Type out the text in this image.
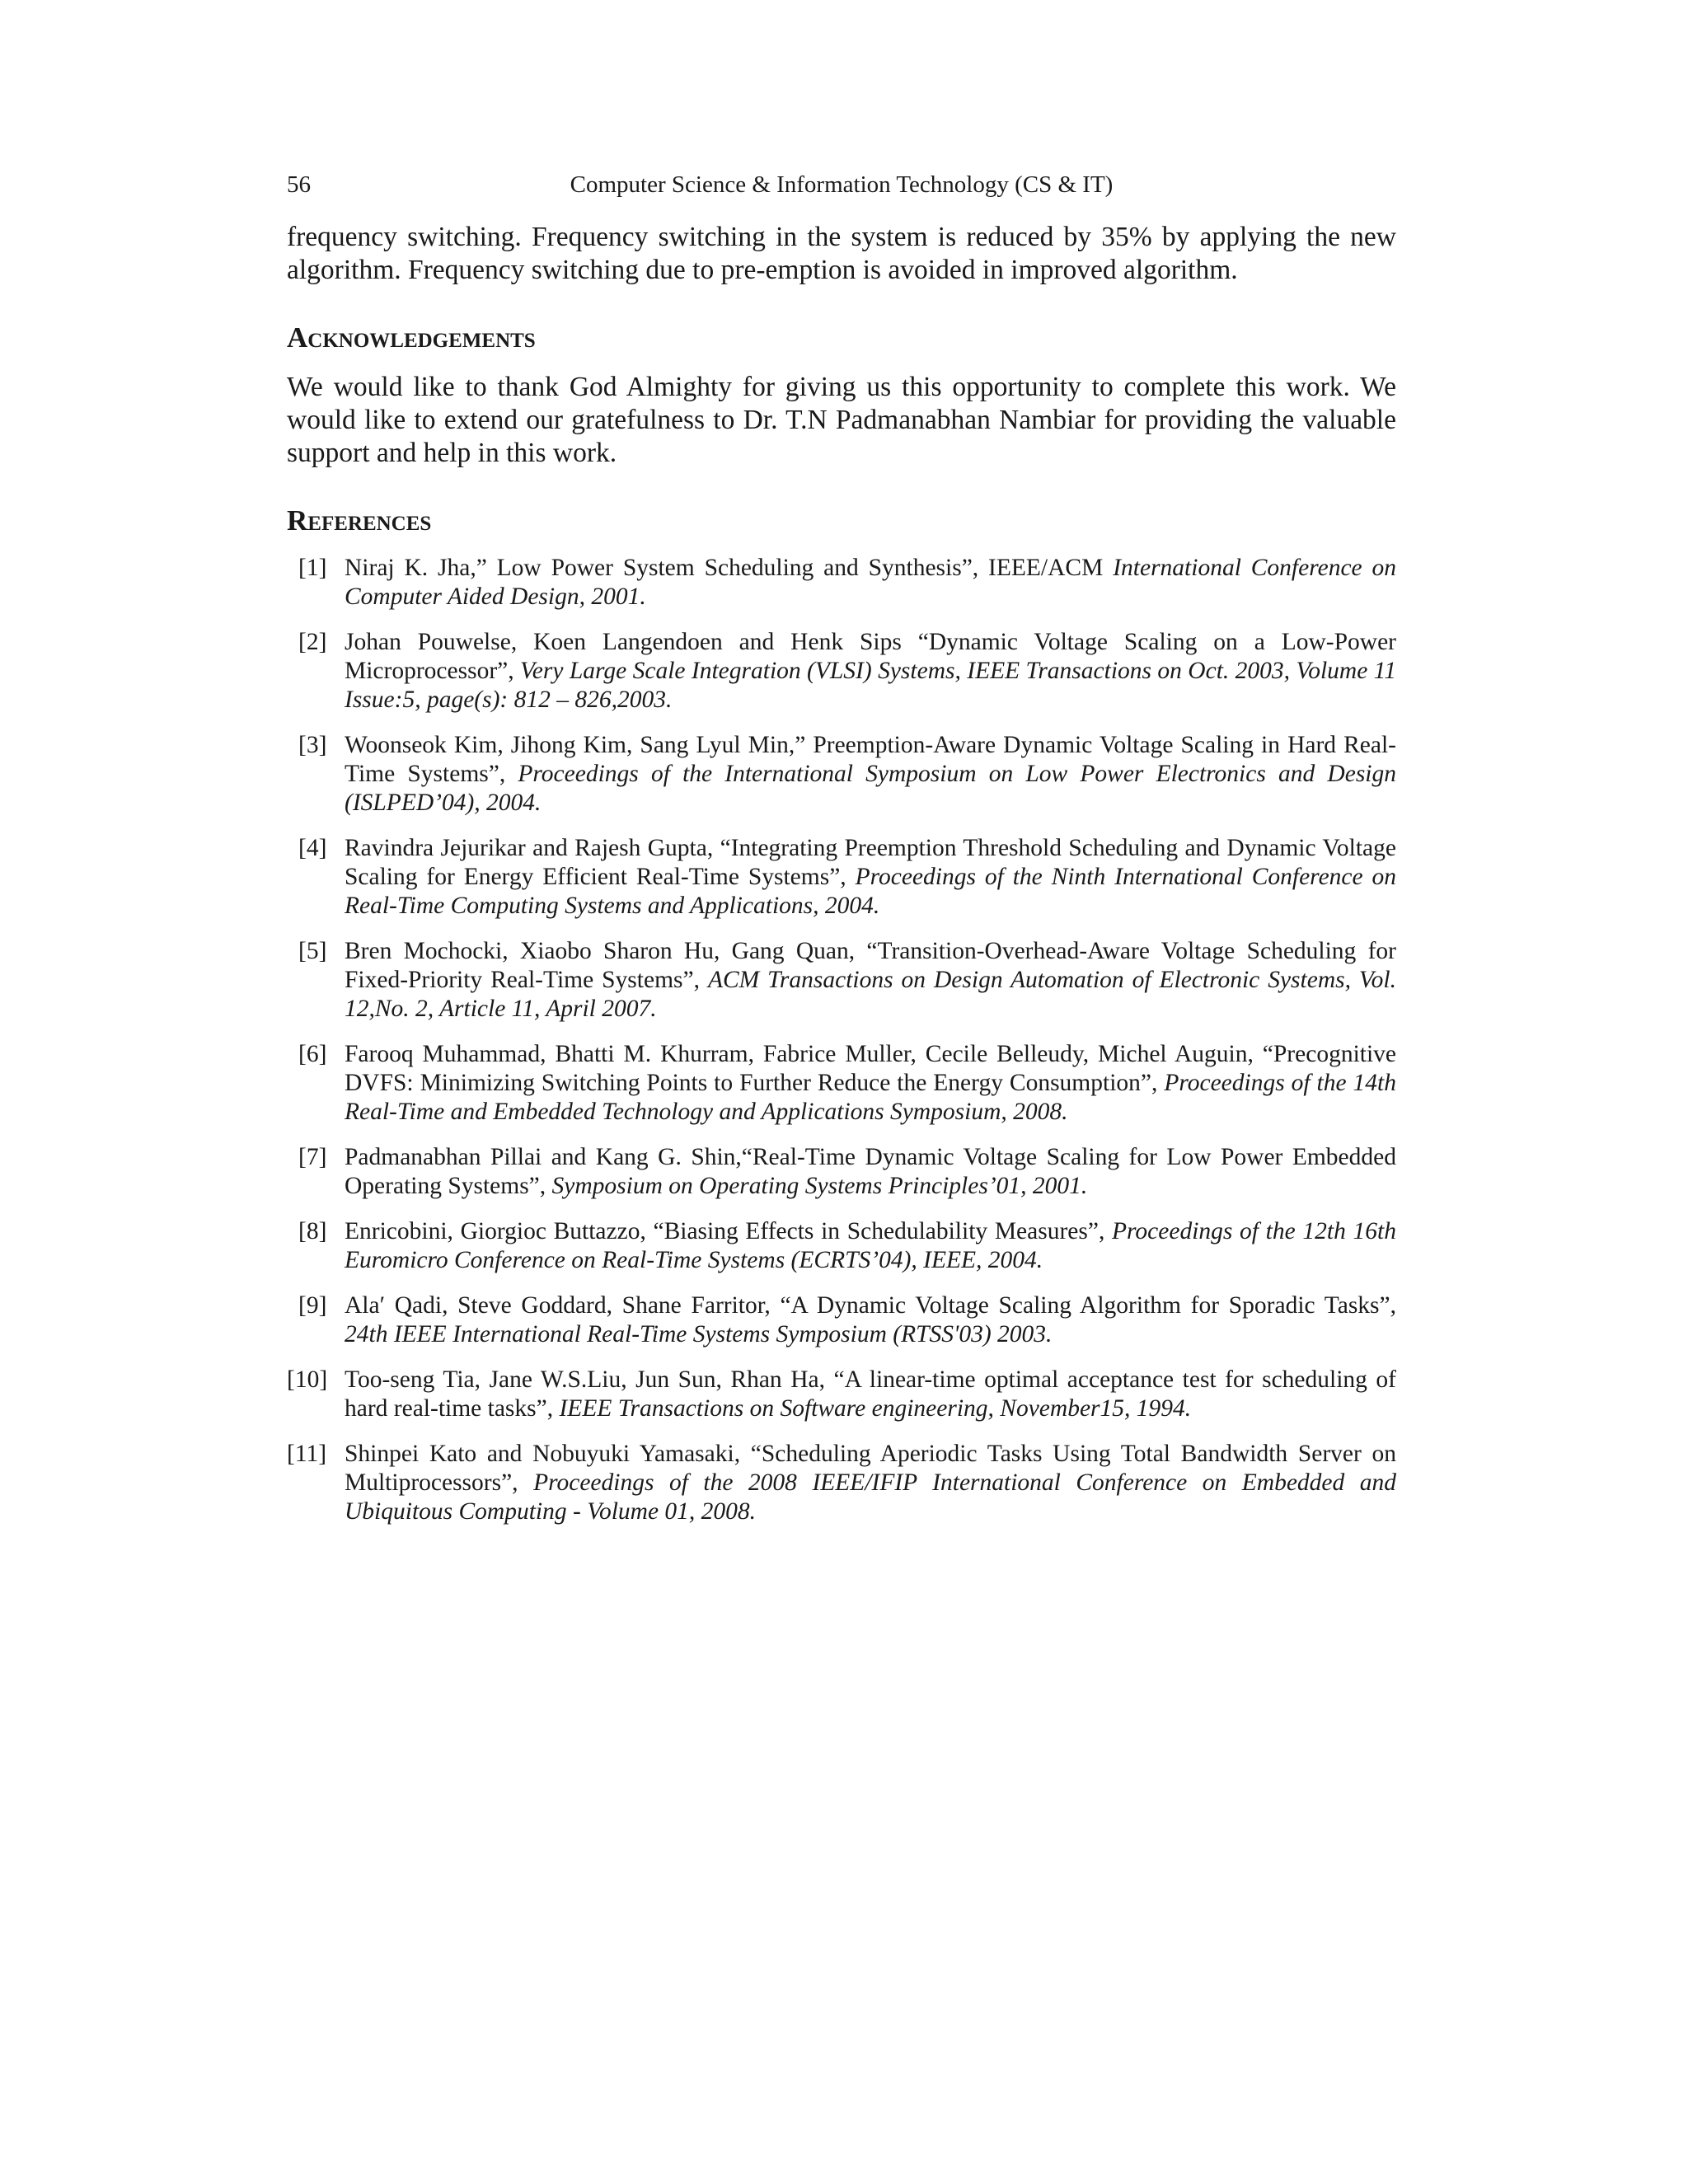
56	Computer Science & Information Technology (CS & IT)

frequency switching. Frequency switching in the system is reduced by 35% by applying the new algorithm. Frequency switching due to pre-emption is avoided in improved algorithm.

Acknowledgements

We would like to thank God Almighty for giving us this opportunity to complete this work. We would like to extend our gratefulness to Dr. T.N Padmanabhan Nambiar for providing the valuable support and help in this work.

References
[1] Niraj K. Jha,” Low Power System Scheduling and Synthesis”, IEEE/ACM International Conference on Computer Aided Design, 2001.
[2] Johan Pouwelse, Koen Langendoen and Henk Sips “Dynamic Voltage Scaling on a Low-Power Microprocessor”, Very Large Scale Integration (VLSI) Systems, IEEE Transactions on Oct. 2003, Volume 11 Issue:5, page(s): 812 – 826,2003.
[3] Woonseok Kim, Jihong Kim, Sang Lyul Min,” Preemption-Aware Dynamic Voltage Scaling in Hard Real-Time Systems”, Proceedings of the International Symposium on Low Power Electronics and Design (ISLPED’04), 2004.
[4] Ravindra Jejurikar and Rajesh Gupta, “Integrating Preemption Threshold Scheduling and Dynamic Voltage Scaling for Energy Efficient Real-Time Systems”, Proceedings of the Ninth International Conference on Real-Time Computing Systems and Applications, 2004.
[5] Bren Mochocki, Xiaobo Sharon Hu, Gang Quan, “Transition-Overhead-Aware Voltage Scheduling for Fixed-Priority Real-Time Systems”, ACM Transactions on Design Automation of Electronic Systems, Vol. 12,No. 2, Article 11, April 2007.
[6] Farooq Muhammad, Bhatti M. Khurram, Fabrice Muller, Cecile Belleudy, Michel Auguin, “Precognitive DVFS: Minimizing Switching Points to Further Reduce the Energy Consumption”, Proceedings of the 14th Real-Time and Embedded Technology and Applications Symposium, 2008.
[7] Padmanabhan Pillai and Kang G. Shin,“Real-Time Dynamic Voltage Scaling for Low Power Embedded Operating Systems”, Symposium on Operating Systems Principles’01, 2001.
[8] Enricobini, Giorgioc Buttazzo, “Biasing Effects in Schedulability Measures”, Proceedings of the 12th 16th Euromicro Conference on Real-Time Systems (ECRTS’04), IEEE, 2004.
[9] Ala′ Qadi, Steve Goddard, Shane Farritor, “A Dynamic Voltage Scaling Algorithm for Sporadic Tasks”, 24th IEEE International Real-Time Systems Symposium (RTSS'03) 2003.
[10] Too-seng Tia, Jane W.S.Liu, Jun Sun, Rhan Ha, “A linear-time optimal acceptance test for scheduling of hard real-time tasks”, IEEE Transactions on Software engineering, November15, 1994.
[11] Shinpei Kato and Nobuyuki Yamasaki, “Scheduling Aperiodic Tasks Using Total Bandwidth Server on Multiprocessors”, Proceedings of the 2008 IEEE/IFIP International Conference on Embedded and Ubiquitous Computing - Volume 01, 2008.
